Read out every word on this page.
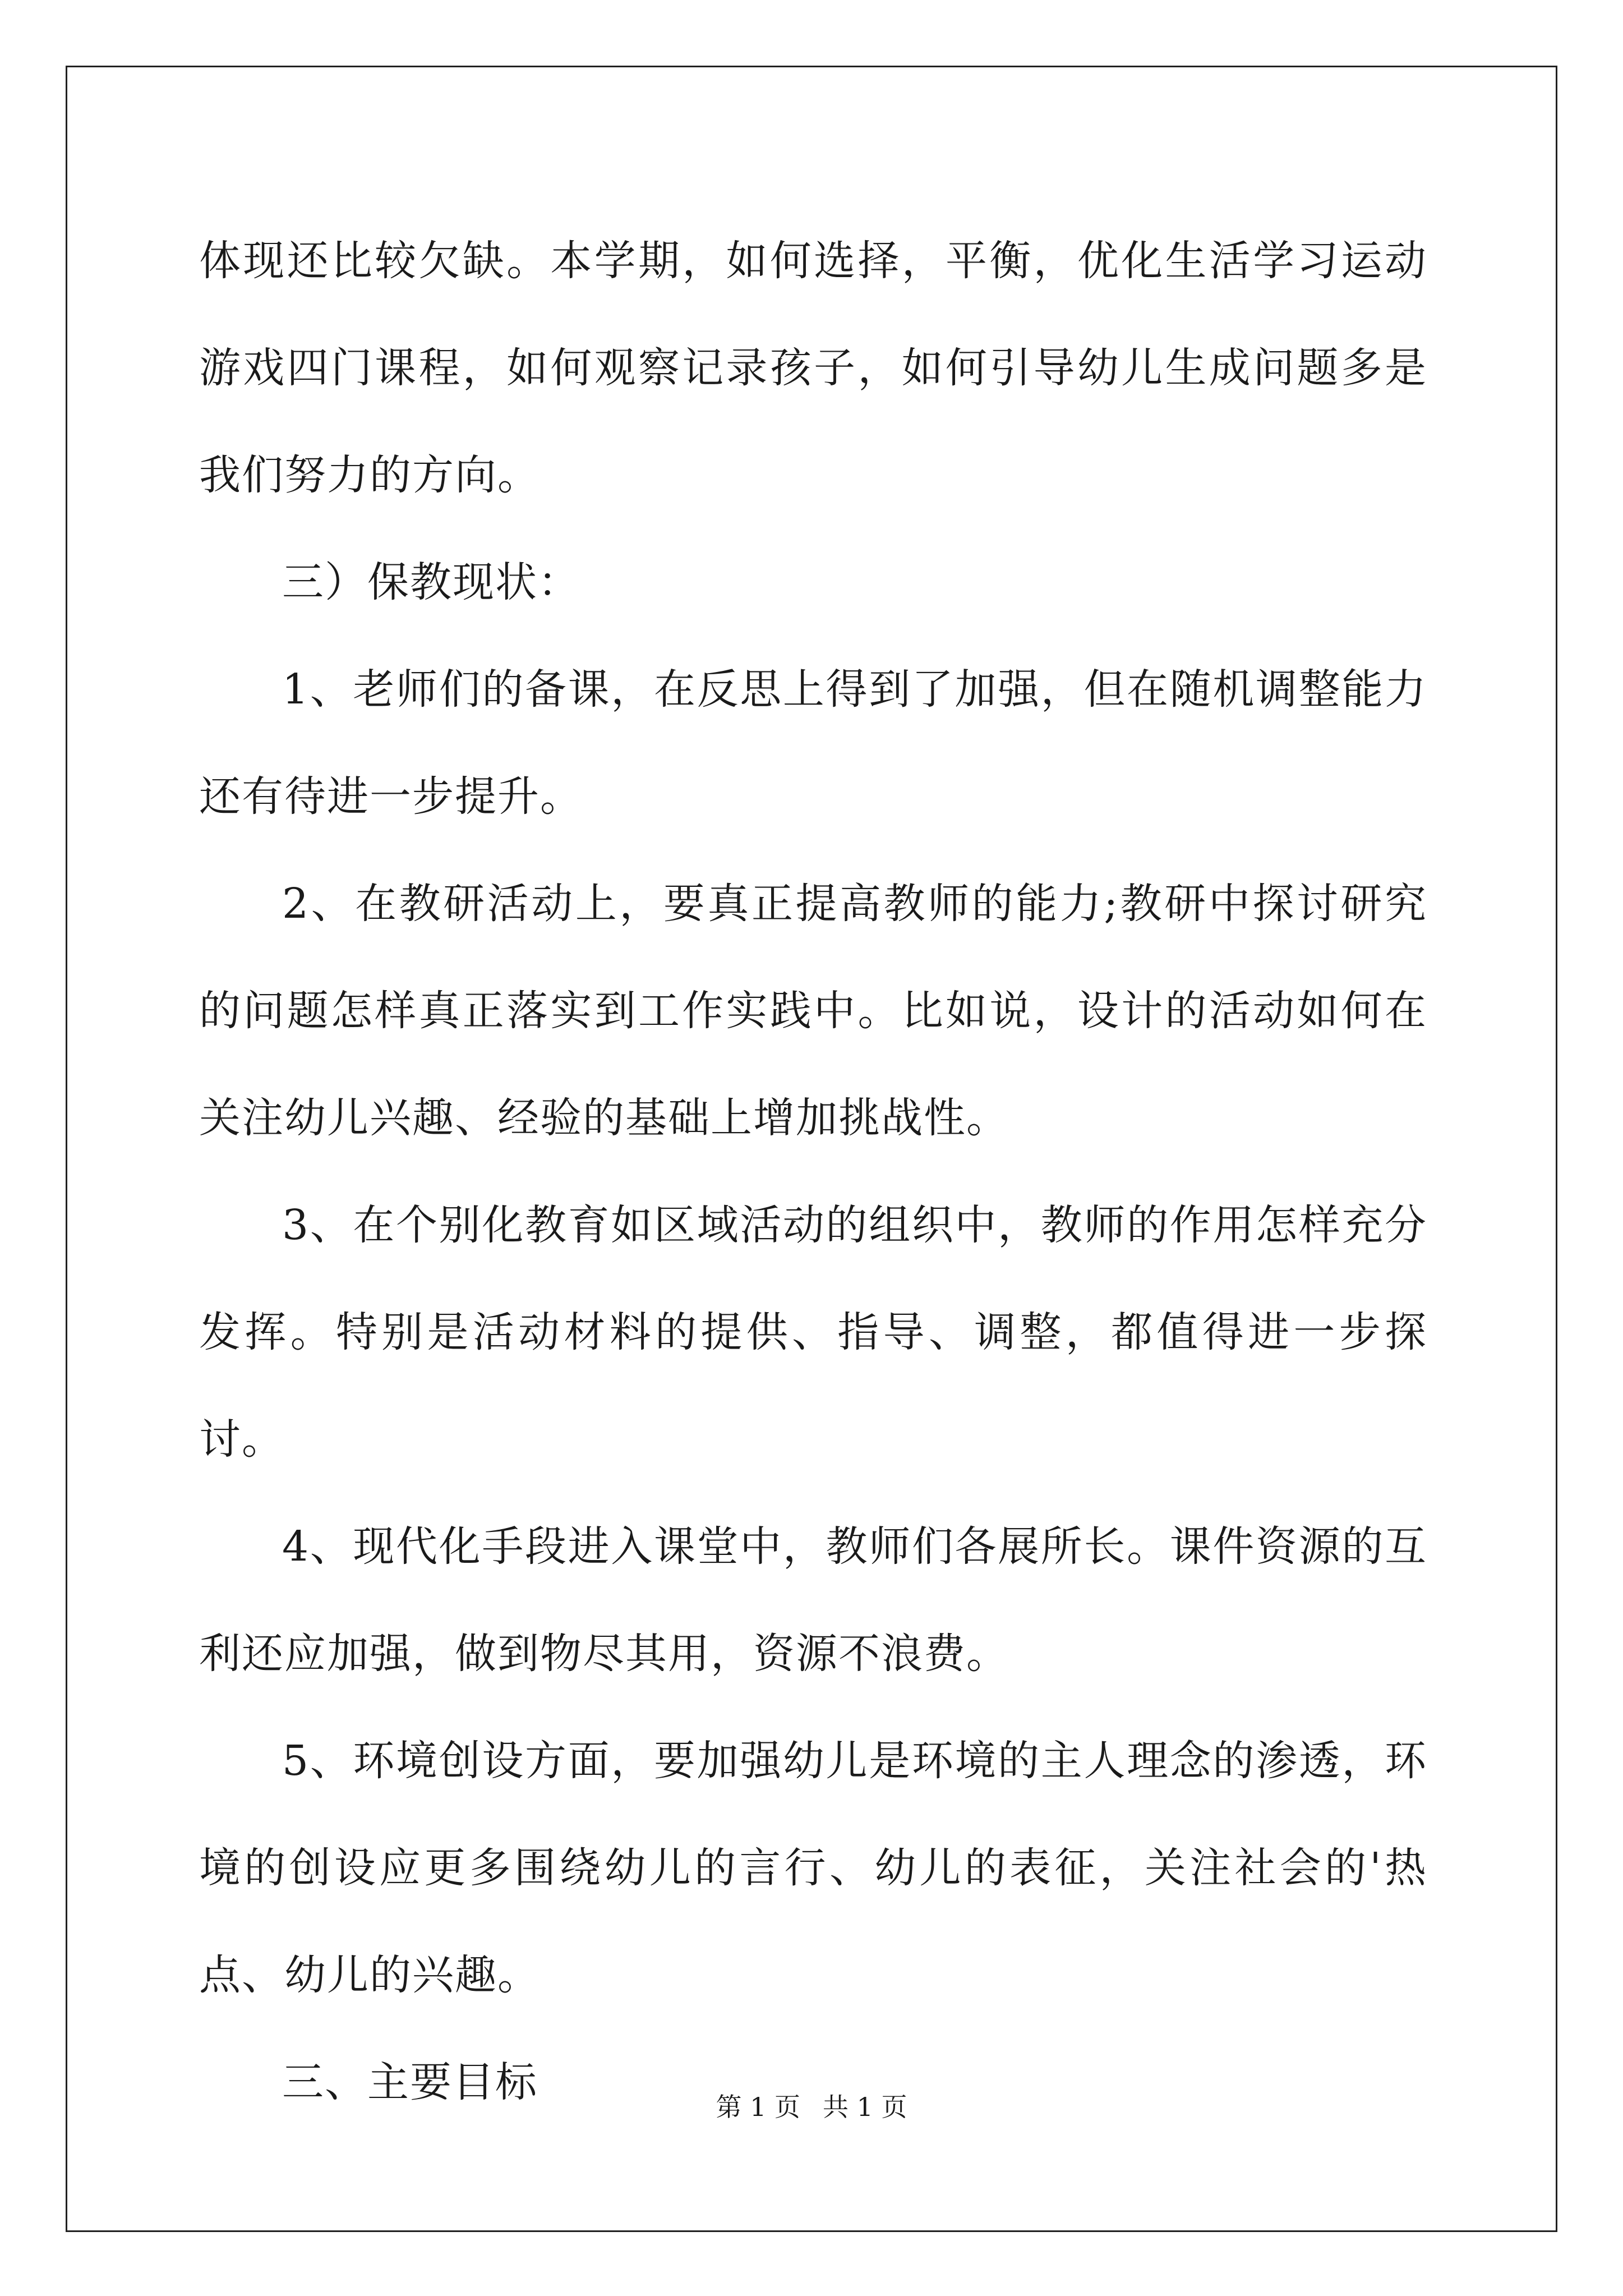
体现还比较欠缺。本学期，如何选择，平衡，优化生活学习运动游戏四门课程，如何观察记录孩子，如何引导幼儿生成问题多是我们努力的方向。

三）保教现状：

1、老师们的备课，在反思上得到了加强，但在随机调整能力还有待进一步提升。

2、在教研活动上，要真正提高教师的能力;教研中探讨研究的问题怎样真正落实到工作实践中。比如说，设计的活动如何在关注幼儿兴趣、经验的基础上增加挑战性。

3、在个别化教育如区域活动的组织中，教师的作用怎样充分发挥。特别是活动材料的提供、指导、调整，都值得进一步探讨。

4、现代化手段进入课堂中，教师们各展所长。课件资源的互利还应加强，做到物尽其用，资源不浪费。

5、环境创设方面，要加强幼儿是环境的主人理念的渗透，环境的创设应更多围绕幼儿的言行、幼儿的表征，关注社会的'热点、幼儿的兴趣。

三、主要目标

第 1 页 共 1 页
